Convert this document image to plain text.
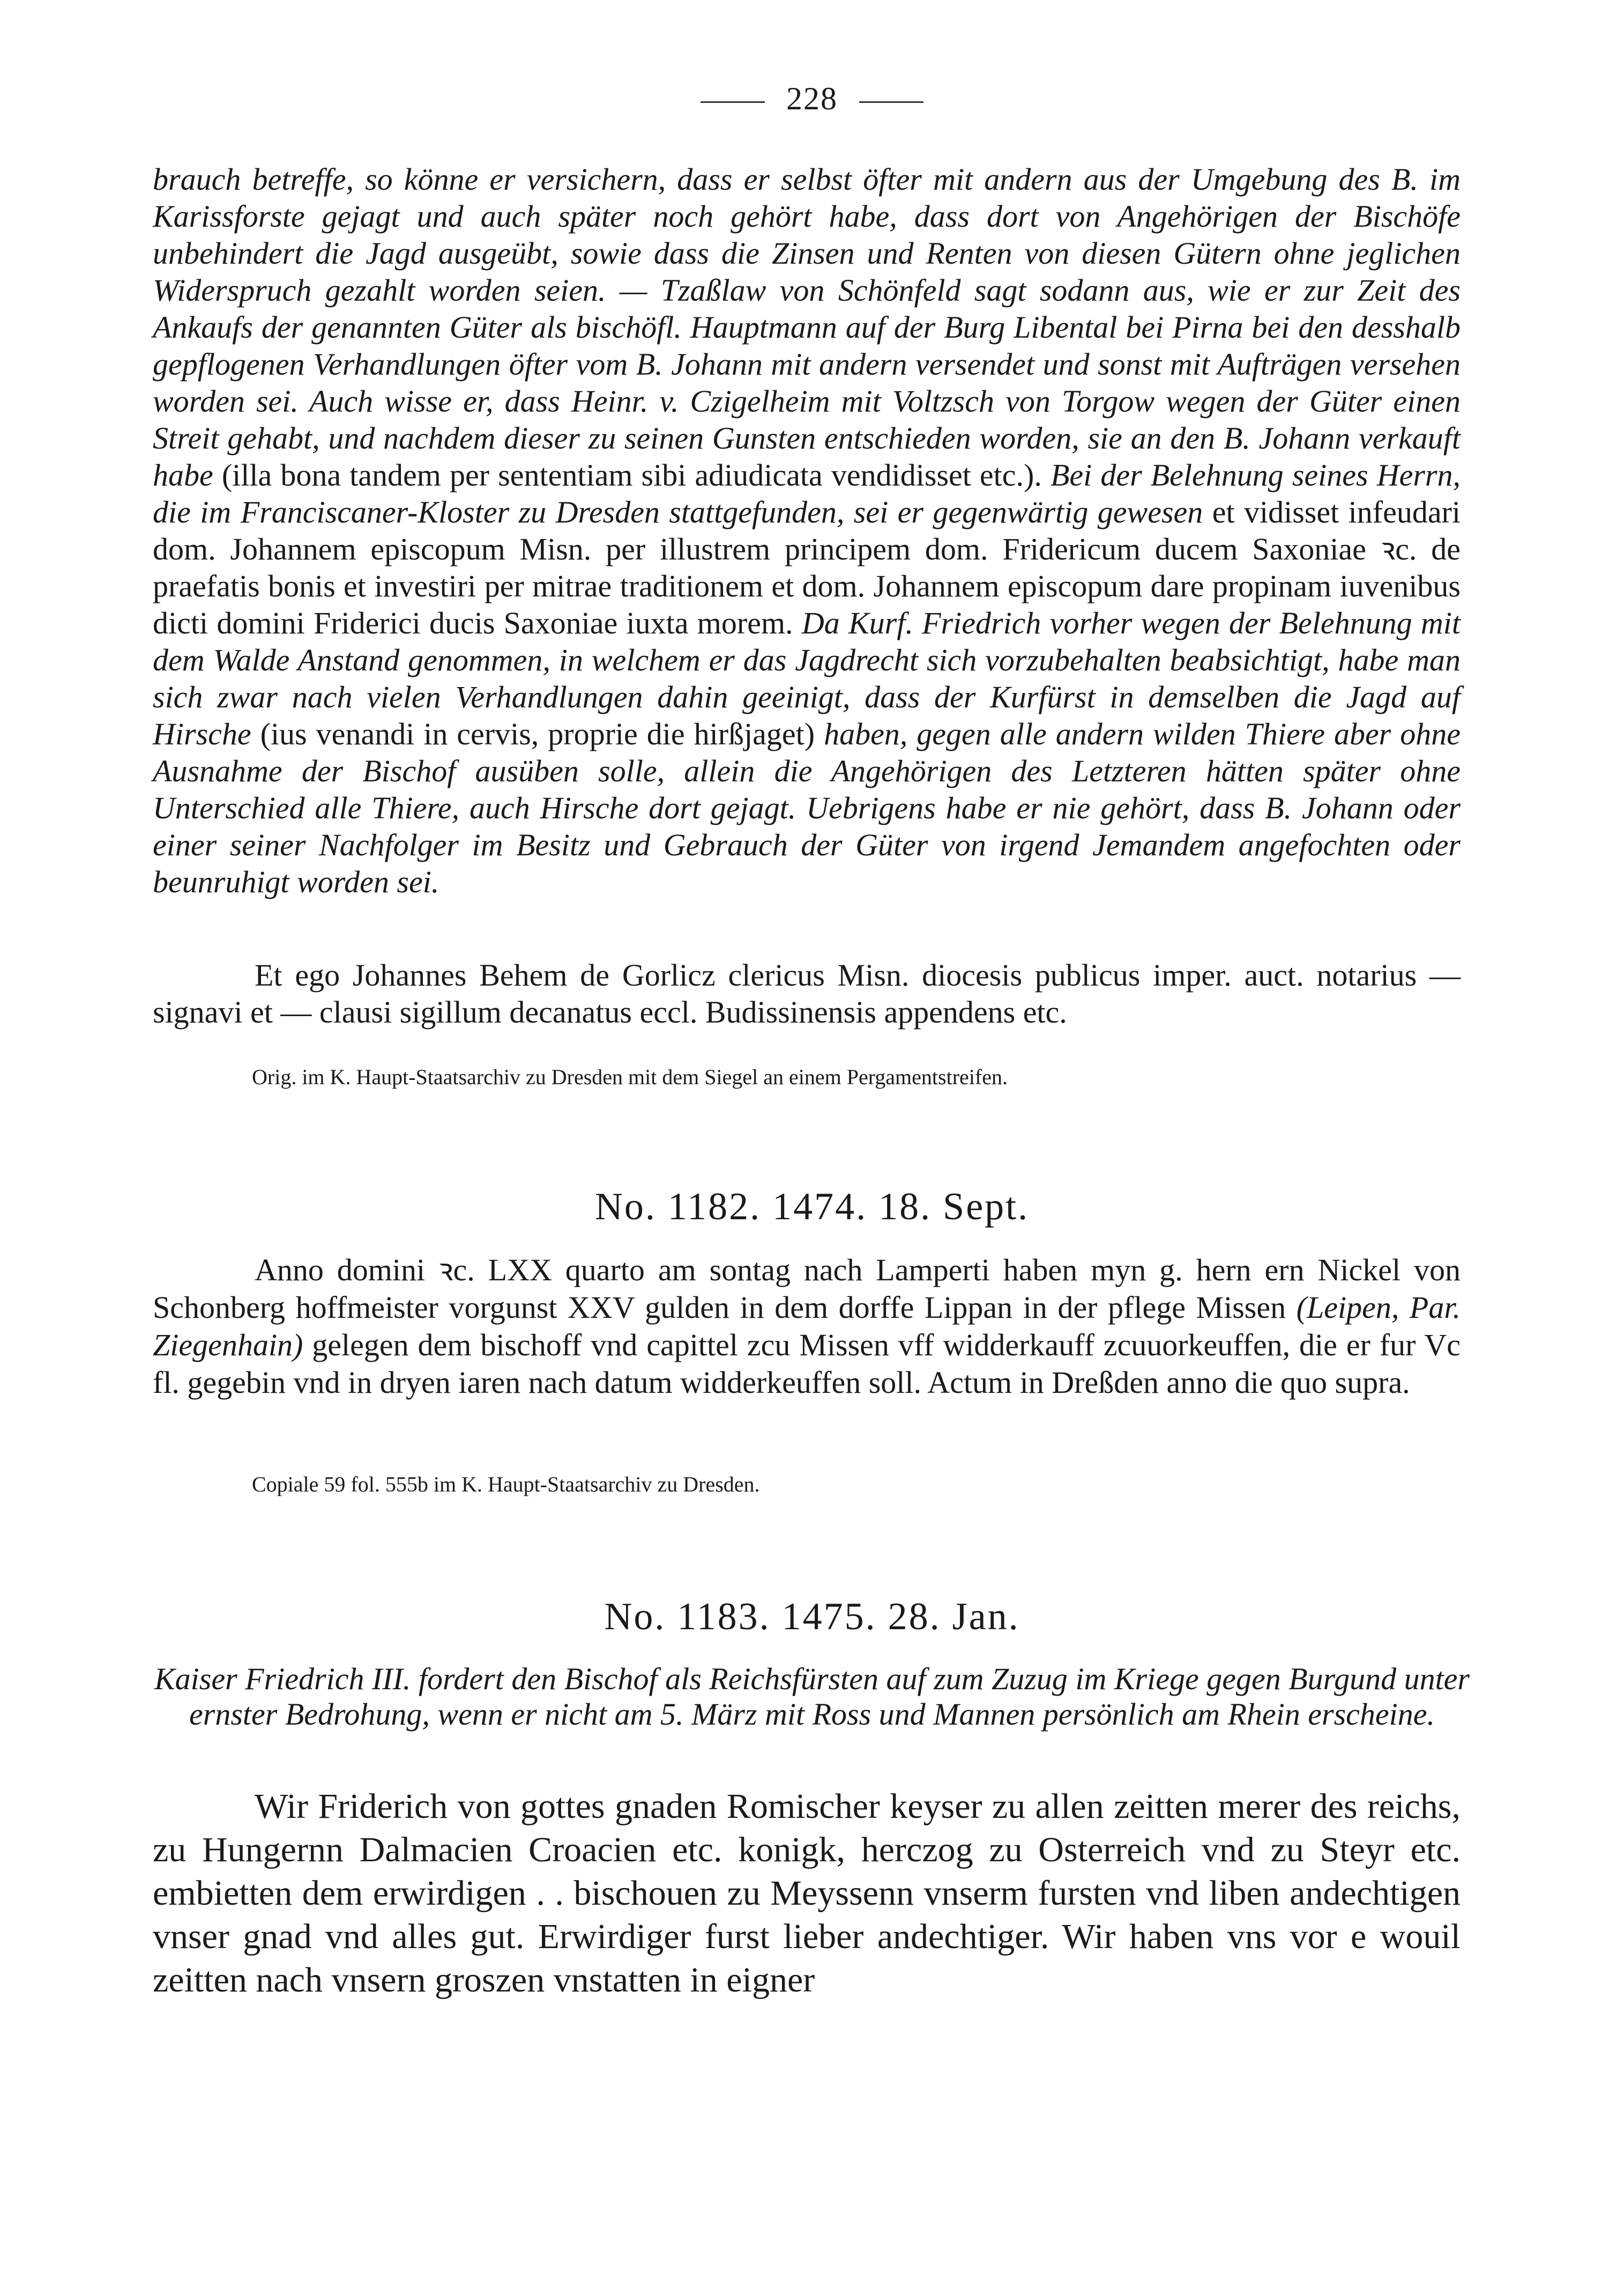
228

brauch betreffe, so könne er versichern, dass er selbst öfter mit andern aus der Umgebung des B. im Karissforste gejagt und auch später noch gehört habe, dass dort von Angehörigen der Bischöfe unbehindert die Jagd ausgeübt, sowie dass die Zinsen und Renten von diesen Gütern ohne jeglichen Widerspruch gezahlt worden seien. — Tzaßlaw von Schönfeld sagt sodann aus, wie er zur Zeit des Ankaufs der genannten Güter als bischöfl. Hauptmann auf der Burg Libental bei Pirna bei den desshalb gepflogenen Verhandlungen öfter vom B. Johann mit andern versendet und sonst mit Aufträgen versehen worden sei. Auch wisse er, dass Heinr. v. Czigelheim mit Voltzsch von Torgow wegen der Güter einen Streit gehabt, und nachdem dieser zu seinen Gunsten entschieden worden, sie an den B. Johann verkauft habe (illa bona tandem per sententiam sibi adiudicata vendidisset etc.). Bei der Belehnung seines Herrn, die im Franciscaner-Kloster zu Dresden stattgefunden, sei er gegenwärtig gewesen et vidisset infeudari dom. Johannem episcopum Misn. per illustrem principem dom. Fridericum ducem Saxoniae ꝛc. de praefatis bonis et investiri per mitrae traditionem et dom. Johannem episcopum dare propinam iuvenibus dicti domini Friderici ducis Saxoniae iuxta morem. Da Kurf. Friedrich vorher wegen der Belehnung mit dem Walde Anstand genommen, in welchem er das Jagdrecht sich vorzubehalten beabsichtigt, habe man sich zwar nach vielen Verhandlungen dahin geeinigt, dass der Kurfürst in demselben die Jagd auf Hirsche (ius venandi in cervis, proprie die hirßjaget) haben, gegen alle andern wilden Thiere aber ohne Ausnahme der Bischof ausüben solle, allein die Angehörigen des Letzteren hätten später ohne Unterschied alle Thiere, auch Hirsche dort gejagt. Uebrigens habe er nie gehört, dass B. Johann oder einer seiner Nachfolger im Besitz und Gebrauch der Güter von irgend Jemandem angefochten oder beunruhigt worden sei.

Et ego Johannes Behem de Gorlicz clericus Misn. diocesis publicus imper. auct. notarius — signavi et — clausi sigillum decanatus eccl. Budissinensis appendens etc.

Orig. im K. Haupt-Staatsarchiv zu Dresden mit dem Siegel an einem Pergamentstreifen.
No. 1182. 1474. 18. Sept.

Anno domini ꝛc. LXX quarto am sontag nach Lamperti haben myn g. hern ern Nickel von Schonberg hoffmeister vorgunst XXV gulden in dem dorffe Lippan in der pflege Missen (Leipen, Par. Ziegenhain) gelegen dem bischoff vnd capittel zcu Missen vff widderkauff zcuuorkeuffen, die er fur Vc fl. gegebin vnd in dryen iaren nach datum widderkeuffen soll. Actum in Dreßden anno die quo supra.

Copiale 59 fol. 555b im K. Haupt-Staatsarchiv zu Dresden.
No. 1183. 1475. 28. Jan.
Kaiser Friedrich III. fordert den Bischof als Reichsfürsten auf zum Zuzug im Kriege gegen Burgund unter ernster Bedrohung, wenn er nicht am 5. März mit Ross und Mannen persönlich am Rhein erscheine.

Wir Friderich von gottes gnaden Romischer keyser zu allen zeitten merer des reichs, zu Hungernn Dalmacien Croacien etc. konigk, herczog zu Osterreich vnd zu Steyr etc. embietten dem erwirdigen . . bischouen zu Meyssenn vnserm fursten vnd liben andechtigen vnser gnad vnd alles gut. Erwirdiger furst lieber andechtiger. Wir haben vns vor e wouil zeitten nach vnsern groszen vnstatten in eigner
